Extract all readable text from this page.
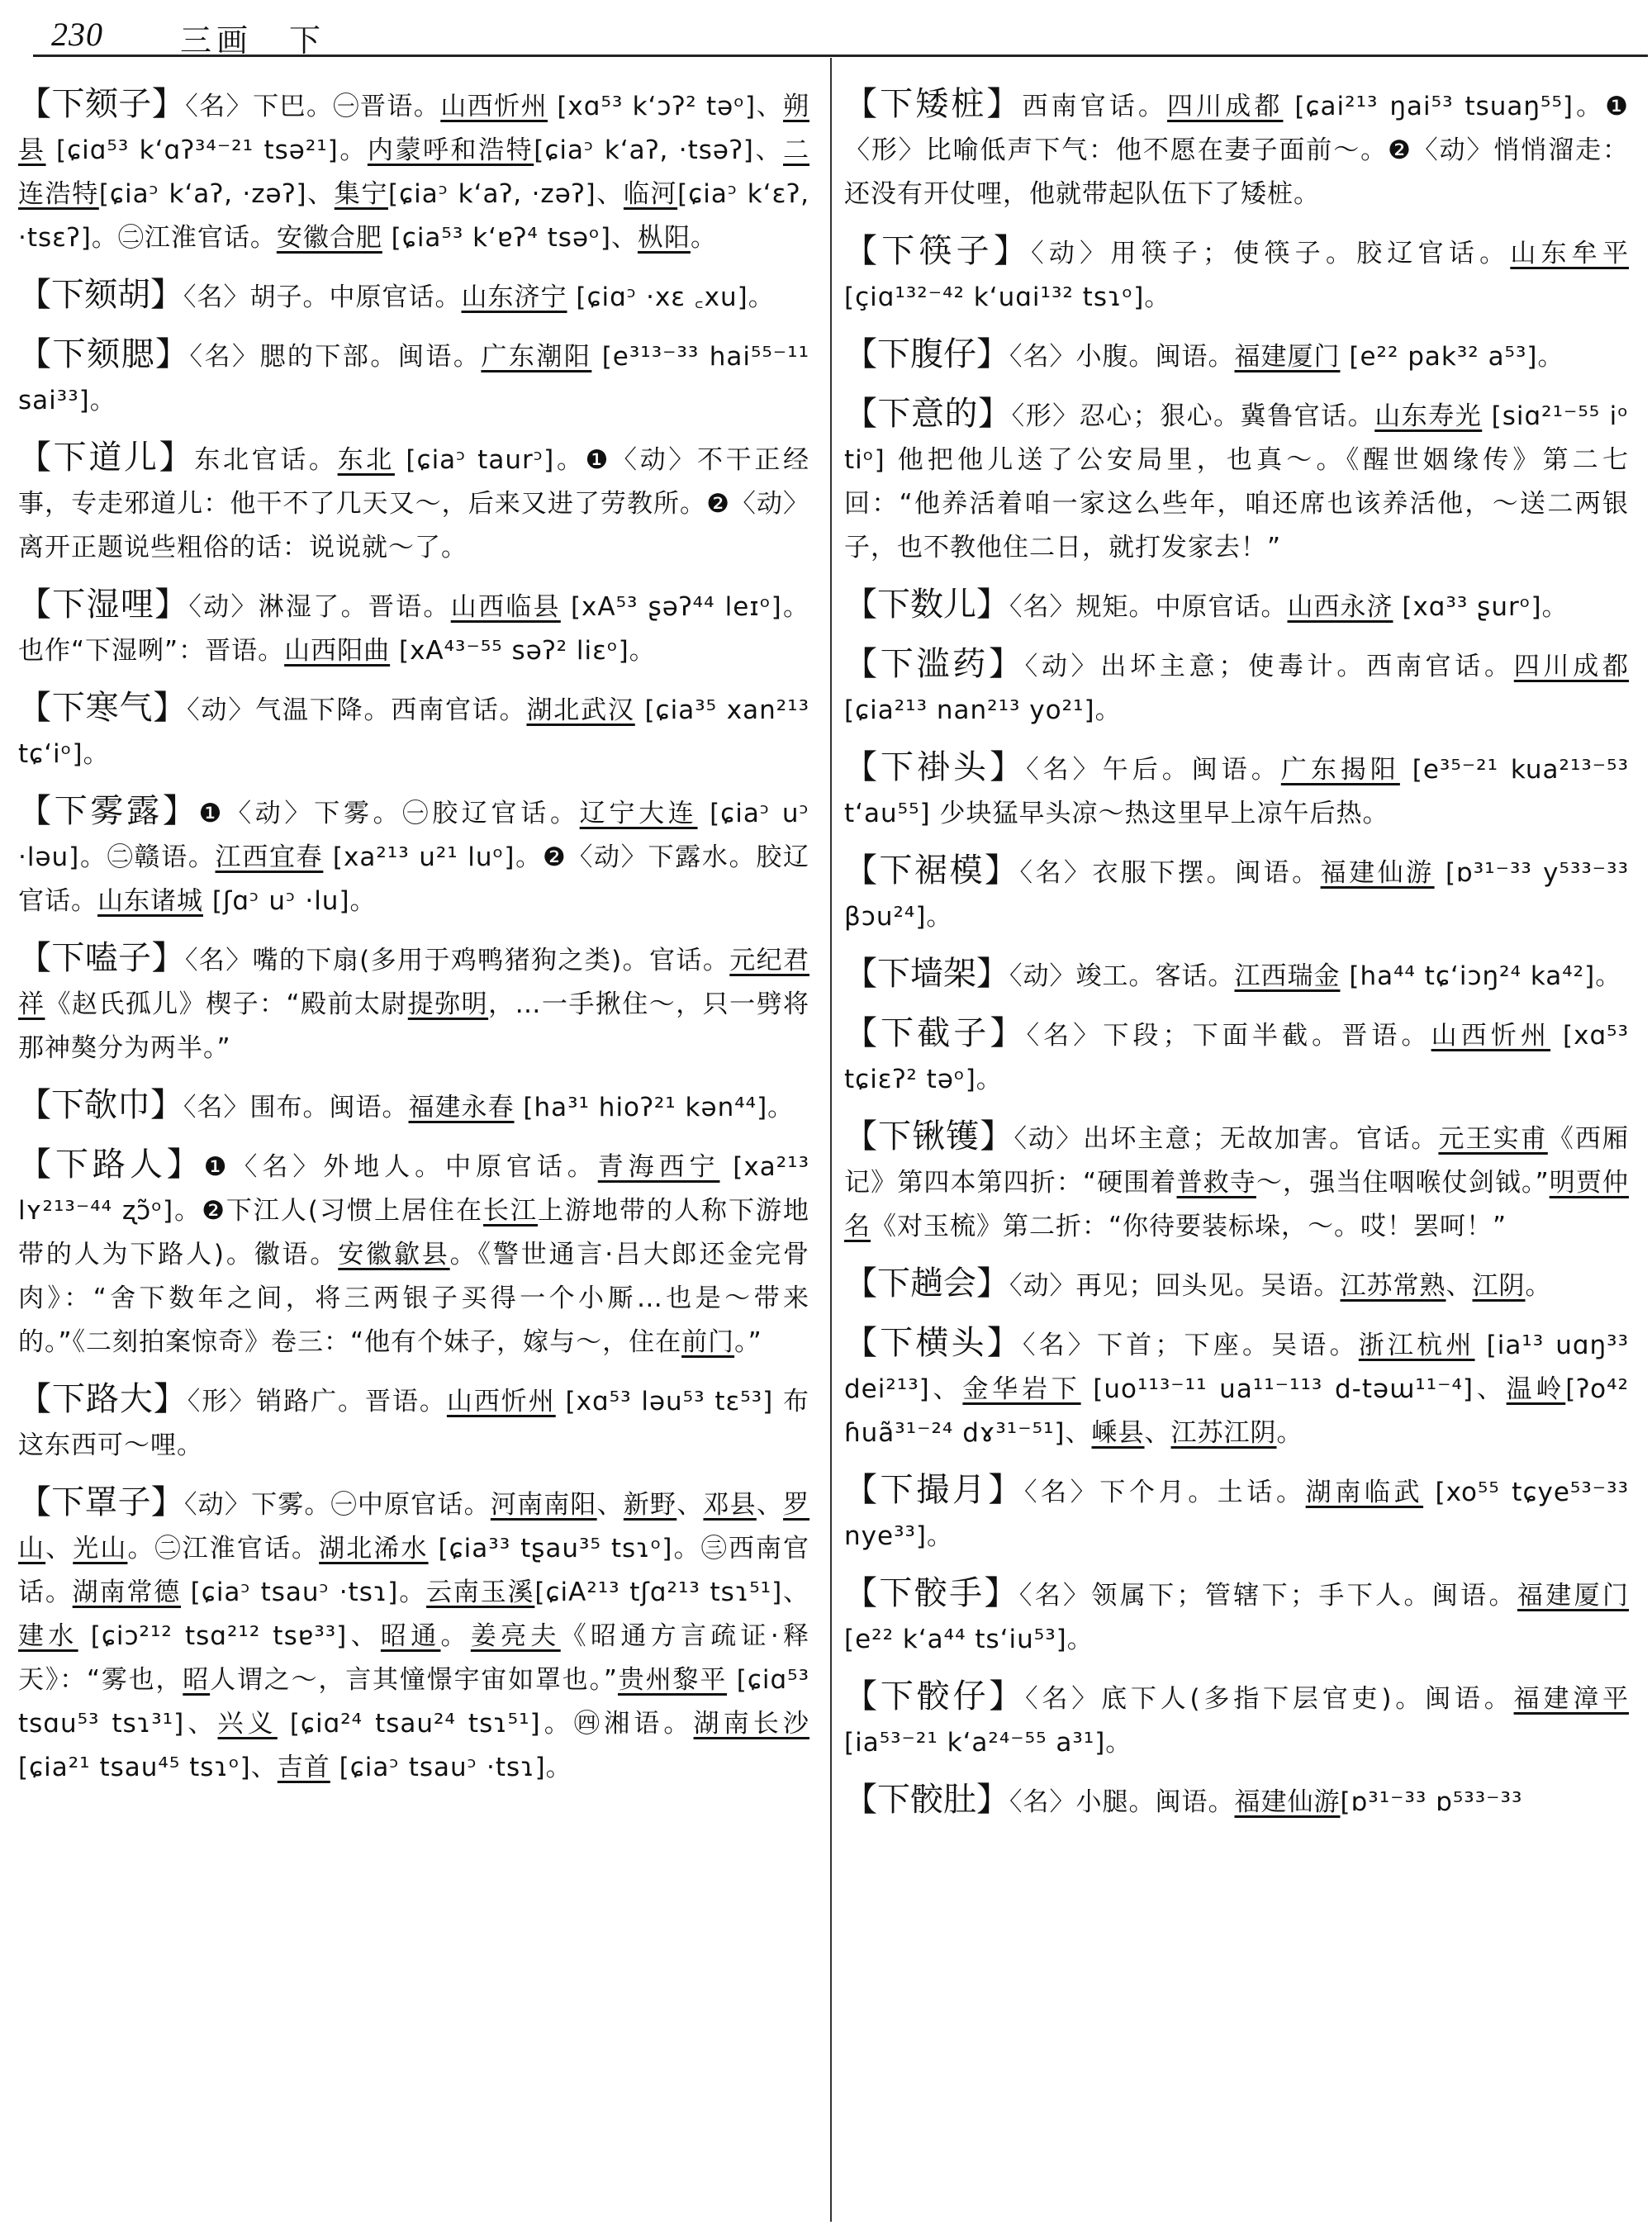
230 三画　下
【下颏子】〈名〉下巴。㊀晋语。山西忻州 [xɑ⁵³ k‘ɔʔ² təᵒ]、朔县 [ɕiɑ⁵³ k‘ɑʔ³⁴⁻²¹ tsə²¹]。内蒙呼和浩特[ɕiaᵓ k‘aʔ, ·tsəʔ]、二连浩特[ɕiaᵓ k‘aʔ, ·zəʔ]、集宁[ɕiaᵓ k‘aʔ, ·zəʔ]、临河[ɕiaᵓ k‘ɛʔ, ·tsɛʔ]。㊁江淮官话。安徽合肥 [ɕia⁵³ k‘ɐʔ⁴ tsəᵒ]、枞阳。
【下颏胡】〈名〉胡子。中原官话。山东济宁 [ɕiɑᵓ ·xɛ ꜀xu]。
【下颏腮】〈名〉腮的下部。闽语。广东潮阳 [e³¹³⁻³³ hai⁵⁵⁻¹¹ sai³³]。
【下道儿】东北官话。东北 [ɕiaᵓ taurᵓ]。❶〈动〉不干正经事，专走邪道儿：他干不了几天又～，后来又进了劳教所。❷〈动〉离开正题说些粗俗的话：说说就～了。
【下湿哩】〈动〉淋湿了。晋语。山西临县 [xA⁵³ ʂəʔ⁴⁴ leɪᵒ]。也作“下湿咧”：晋语。山西阳曲 [xA⁴³⁻⁵⁵ səʔ² liɛᵒ]。
【下寒气】〈动〉气温下降。西南官话。湖北武汉 [ɕia³⁵ xan²¹³ tɕ‘iᵒ]。
【下雾露】❶〈动〉下雾。㊀胶辽官话。辽宁大连 [ɕiaᵓ uᵓ ·ləu]。㊁赣语。江西宜春 [xa²¹³ u²¹ luᵒ]。❷〈动〉下露水。胶辽官话。山东诸城 [ʃɑᵓ uᵓ ·lu]。
【下嗑子】〈名〉嘴的下扇(多用于鸡鸭猪狗之类)。官话。元纪君祥《赵氏孤儿》楔子：“殿前太尉提弥明，…一手揪住～，只一劈将那神獒分为两半。”
【下欹巾】〈名〉围布。闽语。福建永春 [ha³¹ hioʔ²¹ kən⁴⁴]。
【下路人】❶〈名〉外地人。中原官话。青海西宁 [xa²¹³ lʏ²¹³⁻⁴⁴ ʐɔ̃ᵒ]。❷下江人(习惯上居住在长江上游地带的人称下游地带的人为下路人)。徽语。安徽歙县。《警世通言·吕大郎还金完骨肉》：“舍下数年之间，将三两银子买得一个小厮…也是～带来的。”《二刻拍案惊奇》卷三：“他有个妹子，嫁与～，住在前门。”
【下路大】〈形〉销路广。晋语。山西忻州 [xɑ⁵³ ləu⁵³ tɛ⁵³] 布这东西可～哩。
【下罩子】〈动〉下雾。㊀中原官话。河南南阳、新野、邓县、罗山、光山。㊁江淮官话。湖北浠水 [ɕia³³ tʂau³⁵ tsɿᵒ]。㊂西南官话。湖南常德 [ɕiaᵓ tsauᵓ ·tsɿ]。云南玉溪[ɕiA²¹³ tʃɑ²¹³ tsɿ⁵¹]、建水 [ɕiɔ²¹² tsɑ²¹² tsɐ³³]、昭通。姜亮夫《昭通方言疏证·释天》：“雾也，昭人谓之～，言其憧憬宇宙如罩也。”贵州黎平 [ɕiɑ⁵³ tsɑu⁵³ tsɿ³¹]、兴义 [ɕiɑ²⁴ tsau²⁴ tsɿ⁵¹]。㊃湘语。湖南长沙 [ɕia²¹ tsau⁴⁵ tsɿᵒ]、吉首 [ɕiaᵓ tsauᵓ ·tsɿ]。
【下矮桩】西南官话。四川成都 [ɕai²¹³ ŋai⁵³ tsuaŋ⁵⁵]。❶〈形〉比喻低声下气：他不愿在妻子面前～。❷〈动〉悄悄溜走：还没有开仗哩，他就带起队伍下了矮桩。
【下筷子】〈动〉用筷子；使筷子。胶辽官话。山东牟平 [çiɑ¹³²⁻⁴² k‘uɑi¹³² tsɿᵒ]。
【下腹仔】〈名〉小腹。闽语。福建厦门 [e²² pak³² a⁵³]。
【下意的】〈形〉忍心；狠心。冀鲁官话。山东寿光 [siɑ²¹⁻⁵⁵ iᵒ tiᵒ] 他把他儿送了公安局里，也真～。《醒世姻缘传》第二七回：“他养活着咱一家这么些年，咱还席也该养活他，～送二两银子，也不教他住二日，就打发家去！”
【下数儿】〈名〉规矩。中原官话。山西永济 [xɑ³³ ʂurᵒ]。
【下滥药】〈动〉出坏主意；使毒计。西南官话。四川成都 [ɕia²¹³ nan²¹³ yo²¹]。
【下褂头】〈名〉午后。闽语。广东揭阳 [e³⁵⁻²¹ kua²¹³⁻⁵³ t‘au⁵⁵] 少块猛早头凉～热这里早上凉午后热。
【下裾模】〈名〉衣服下摆。闽语。福建仙游 [ɒ³¹⁻³³ y⁵³³⁻³³ βɔu²⁴]。
【下墙架】〈动〉竣工。客话。江西瑞金 [ha⁴⁴ tɕ‘iɔŋ²⁴ ka⁴²]。
【下截子】〈名〉下段；下面半截。晋语。山西忻州 [xɑ⁵³ tɕiɛʔ² təᵒ]。
【下锹镬】〈动〉出坏主意；无故加害。官话。元王实甫《西厢记》第四本第四折：“硬围着普救寺～，强当住咽喉仗剑钺。”明贾仲名《对玉梳》第二折：“你待要装标垛，～。哎！罢呵！”
【下趟会】〈动〉再见；回头见。吴语。江苏常熟、江阴。
【下横头】〈名〉下首；下座。吴语。浙江杭州 [ia¹³ uɑŋ³³ dei²¹³]、金华岩下 [uo¹¹³⁻¹¹ ua¹¹⁻¹¹³ d-təɯ¹¹⁻⁴]、温岭[ʔo⁴² ɦuã³¹⁻²⁴ dɤ³¹⁻⁵¹]、嵊县、江苏江阴。
【下撮月】〈名〉下个月。土话。湖南临武 [xo⁵⁵ tɕye⁵³⁻³³ nye³³]。
【下骹手】〈名〉领属下；管辖下；手下人。闽语。福建厦门 [e²² k‘a⁴⁴ ts‘iu⁵³]。
【下骹仔】〈名〉底下人(多指下层官吏)。闽语。福建漳平 [ia⁵³⁻²¹ k‘a²⁴⁻⁵⁵ a³¹]。
【下骹肚】〈名〉小腿。闽语。福建仙游[ɒ³¹⁻³³ ɒ⁵³³⁻³³
